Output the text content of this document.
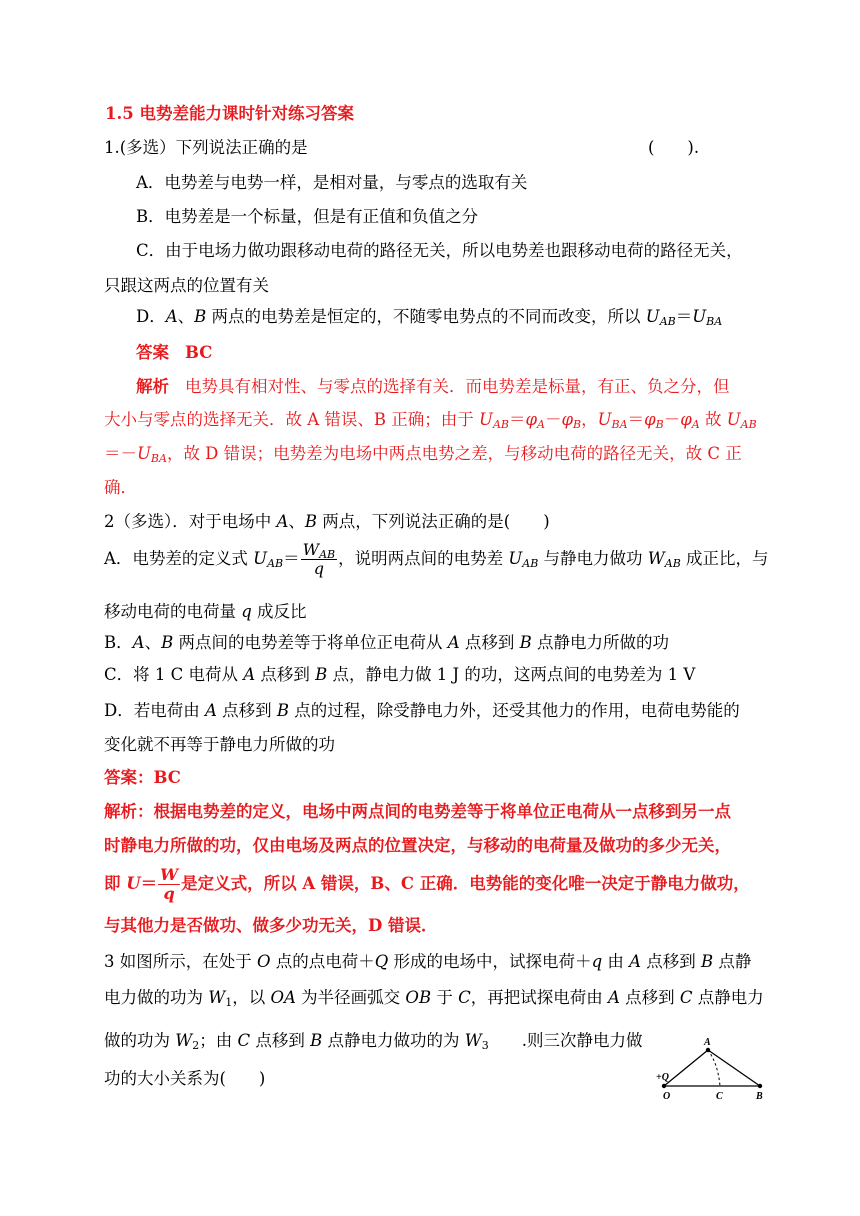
1.5 电势差能力课时针对练习答案
1.(多选）下列说法正确的是	(　　).
A．电势差与电势一样，是相对量，与零点的选取有关
B．电势差是一个标量，但是有正值和负值之分
C．由于电场力做功跟移动电荷的路径无关，所以电势差也跟移动电荷的路径无关，
只跟这两点的位置有关
D．A、B 两点的电势差是恒定的，不随零电势点的不同而改变，所以 $U_{AB}=U_{BA}$
答案 BC
解析 电势具有相对性、与零点的选择有关．而电势差是标量，有正、负之分，但
大小与零点的选择无关．故 A 错误、B 正确；由于 $U_{AB}=\varphi_A-\varphi_B$，$U_{BA}=\varphi_B-\varphi_A$ 故 $U_{AB}$
$=-U_{BA}$，故 D 错误；电势差为电场中两点电势之差，与移动电荷的路径无关，故 C 正
确．
2（多选）．对于电场中 A、B 两点，下列说法正确的是(　　)
A．电势差的定义式 $U_{AB}= \frac{W_{AB}}{q}$ ，说明两点间的电势差 $U_{AB}$ 与静电力做功 $W_{AB}$ 成正比，与
移动电荷的电荷量 q 成反比
B．A、B 两点间的电势差等于将单位正电荷从 A 点移到 B 点静电力所做的功
C．将 1 C 电荷从 A 点移到 B 点，静电力做 1 J 的功，这两点间的电势差为 1 V
D．若电荷由 A 点移到 B 点的过程，除受静电力外，还受其他力的作用，电荷电势能的
变化就不再等于静电力所做的功
答案：BC
解析：根据电势差的定义，电场中两点间的电势差等于将单位正电荷从一点移到另一点
时静电力所做的功，仅由电场及两点的位置决定，与移动的电荷量及做功的多少无关，
即 $U= \frac{W}{q}$ 是定义式，所以 A 错误，B、C 正确．电势能的变化唯一决定于静电力做功，
与其他力是否做功、做多少功无关，D 错误．
3 如图所示，在处于 O 点的点电荷＋Q 形成的电场中，试探电荷＋q 由 A 点移到 B 点静
电力做的功为 $W_1$，以 OA 为半径画弧交 OB 于 C，再把试探电荷由 A 点移到 C 点静电力
做的功为 $W_2$；由 C 点移到 B 点静电力做功的为 $W_3$　　.则三次静电力做
功的大小关系为(　　)
A
+Q
O	C	B
